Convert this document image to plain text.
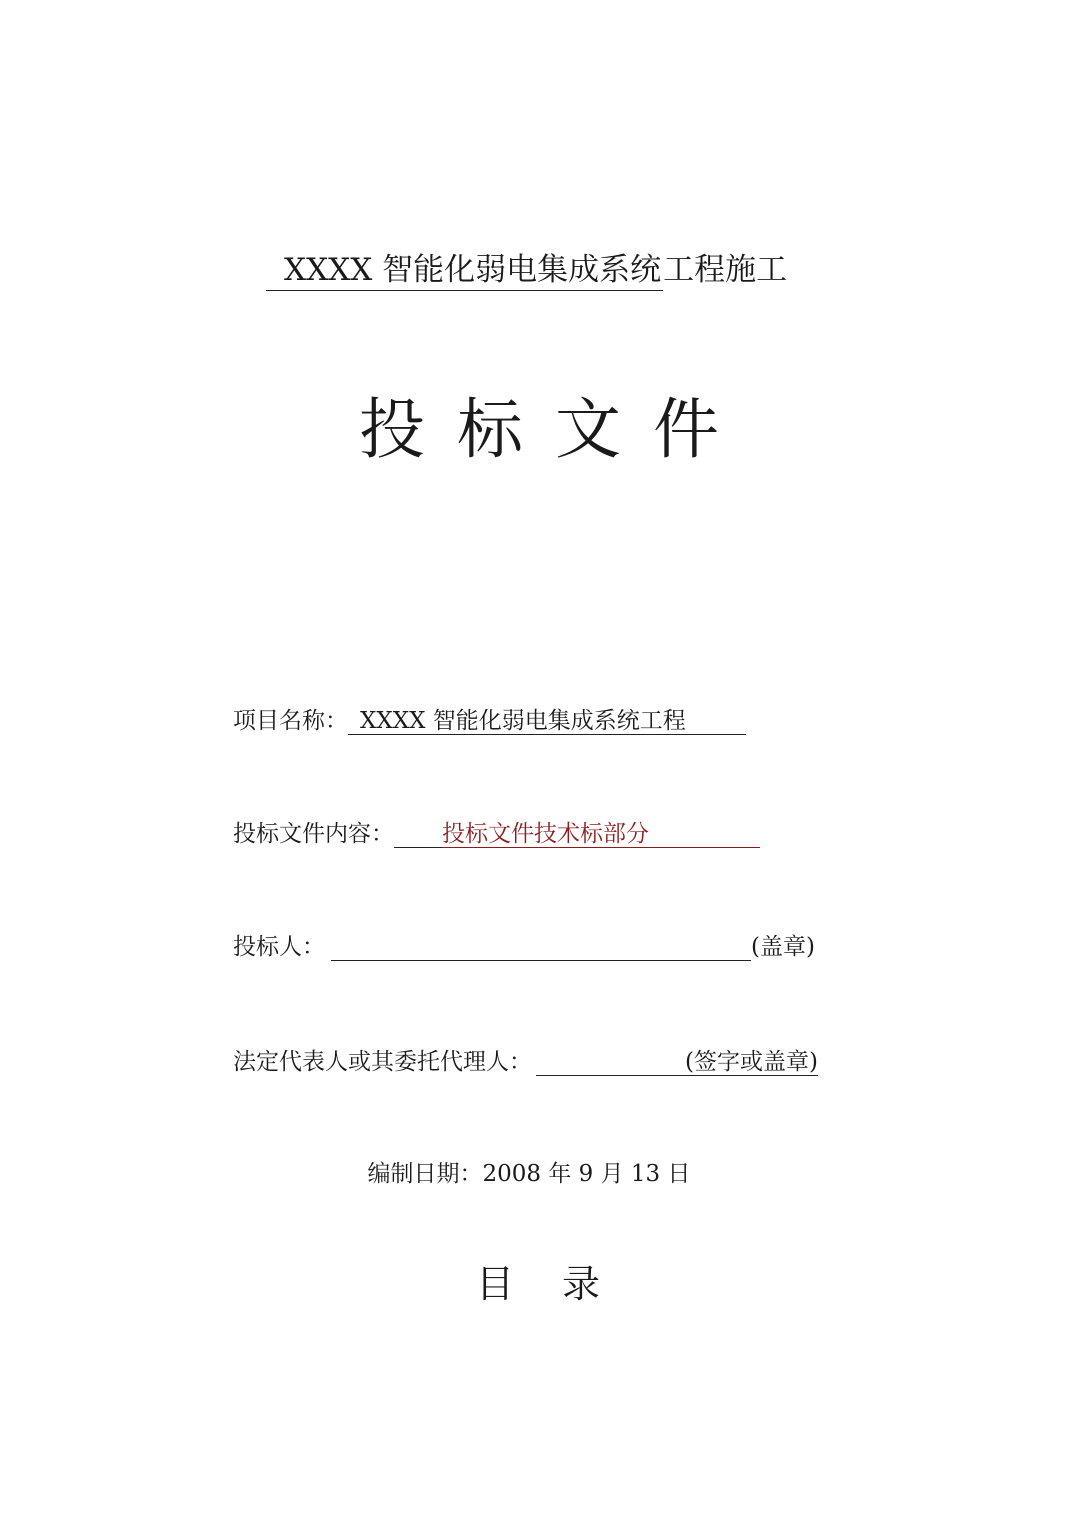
XXXX 智能化弱电集成系统工程施工
投标文件
项目名称： XXXX 智能化弱电集成系统工程
投标文件内容： 投标文件技术标部分
投标人：	(盖章)
法定代表人或其委托代理人：	(签字或盖章)
编制日期：2008 年 9 月 13 日
目录
